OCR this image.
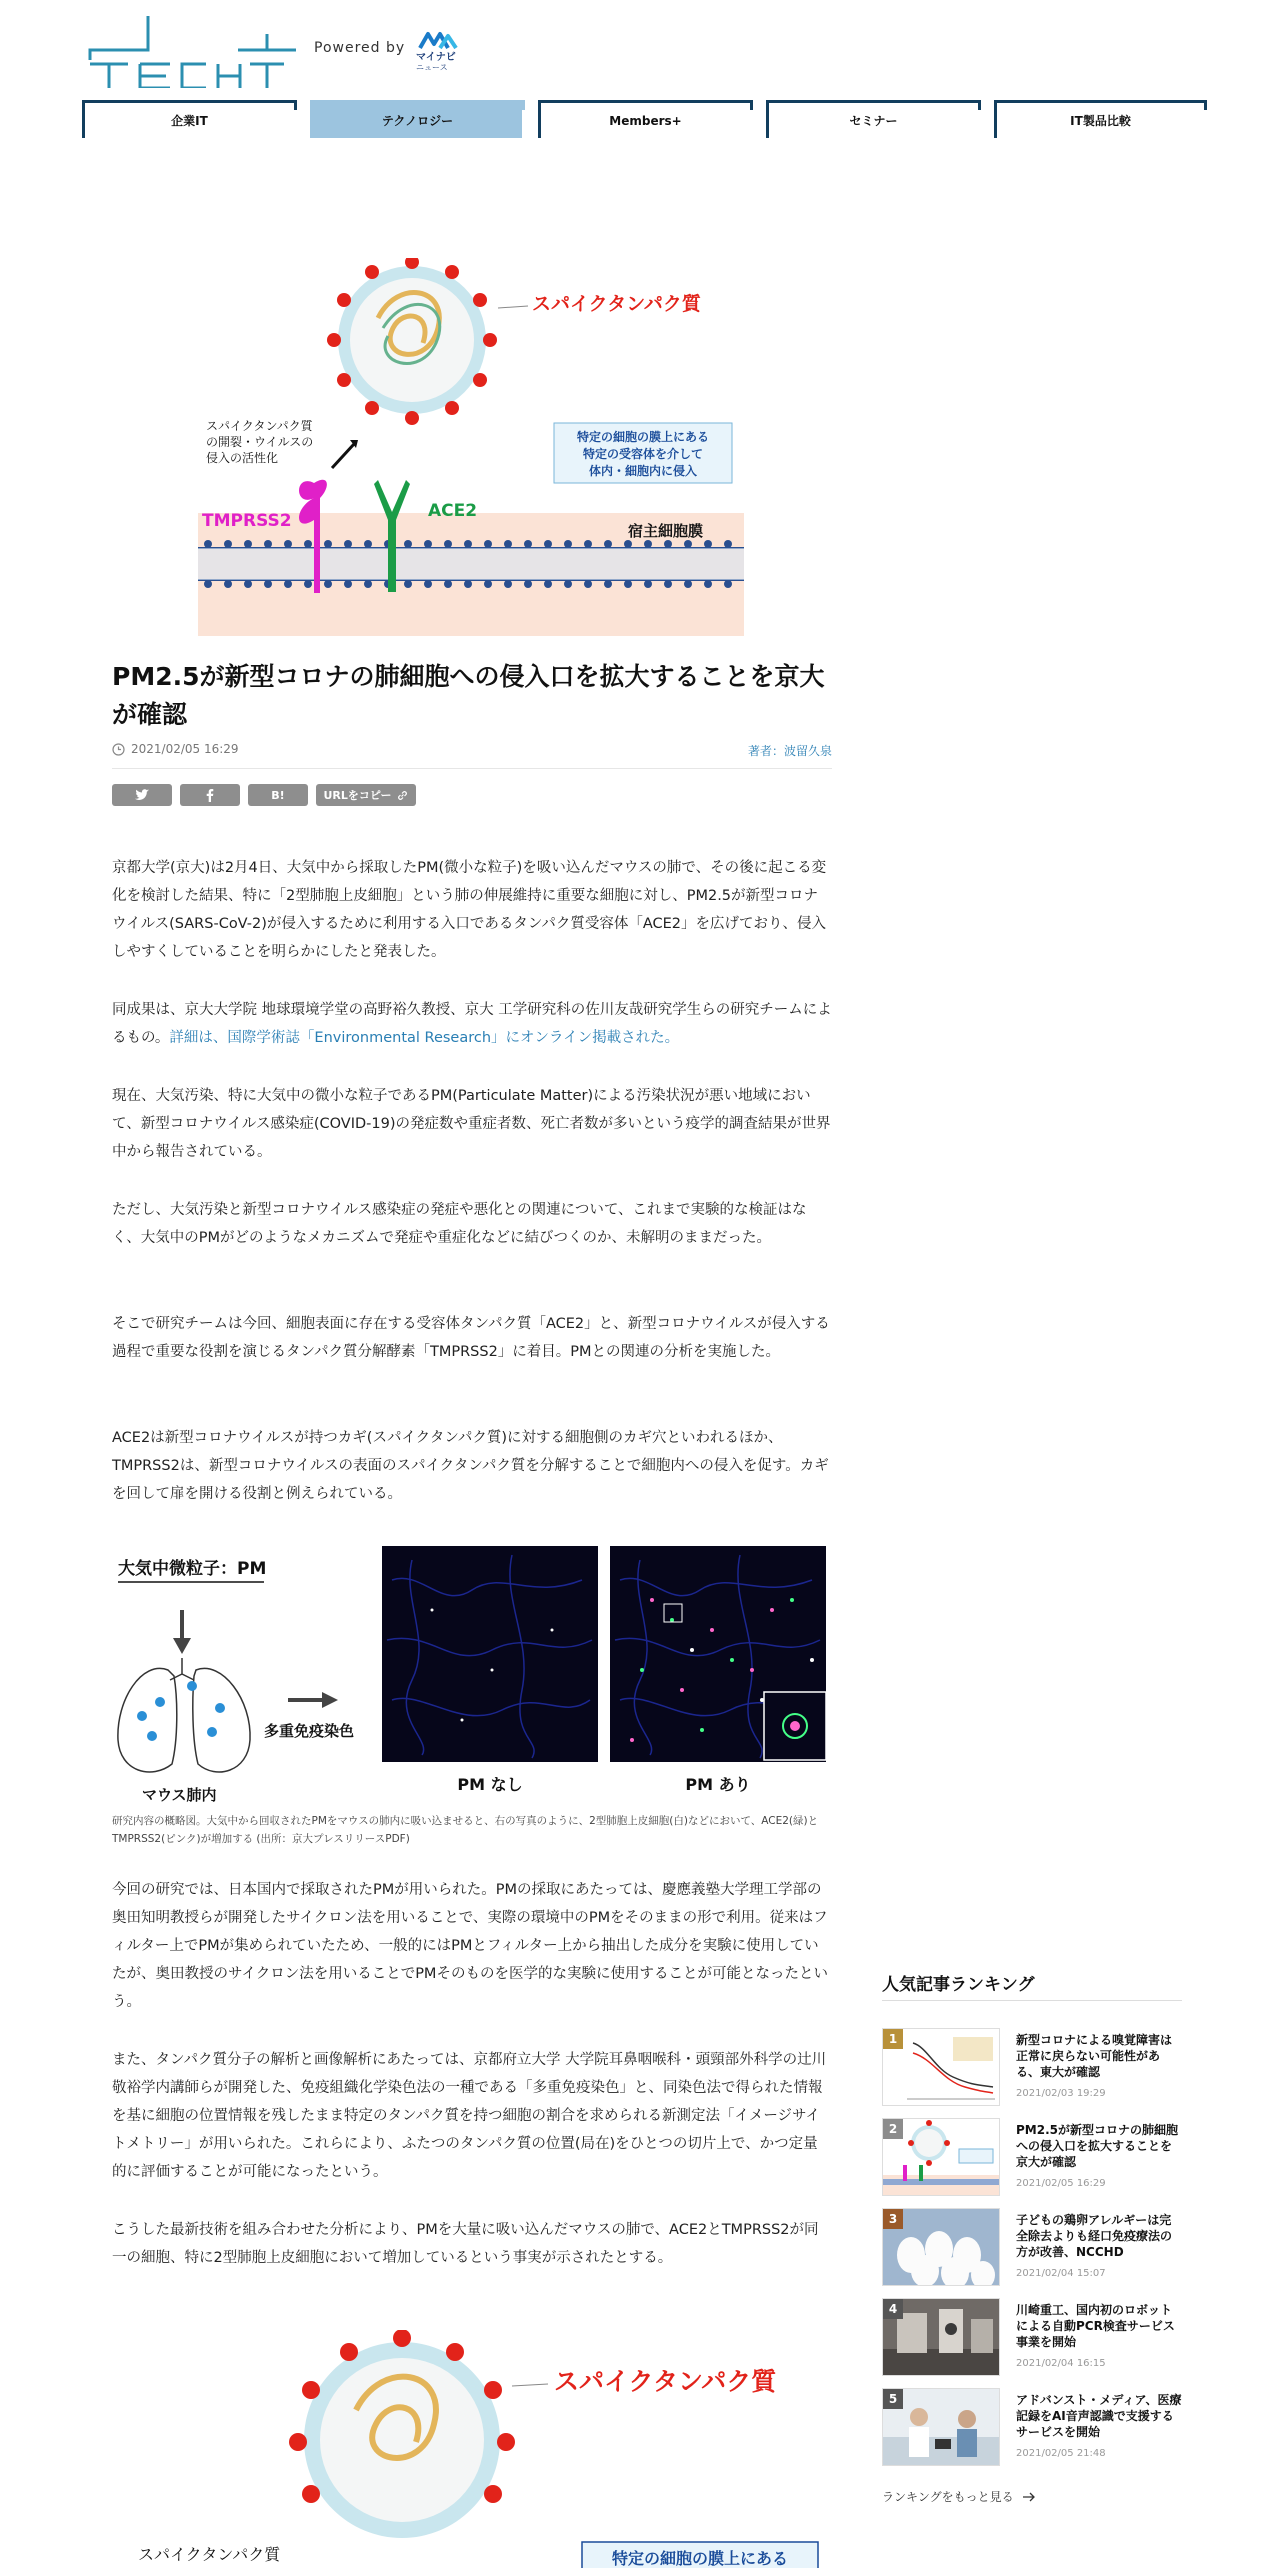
Powered by
マイナビ
ニュース
企業IT	テクノロジー	Members+	セミナー	IT製品比較
スパイクタンパク質
スパイクタンパク質
の開裂・ウイルスの
侵入の活性化
特定の細胞の膜上にある
特定の受容体を介して
体内・細胞内に侵入
TMPRSS2	ACE2
宿主細胞膜
PM2.5が新型コロナの肺細胞への侵入口を拡大することを京大が確認
2021/02/05 16:29	著者：波留久泉
B!	URLをコピー

京都大学(京大)は2月4日、大気中から採取したPM(微小な粒子)を吸い込んだマウスの肺で、その後に起こる変化を検討した結果、特に「2型肺胞上皮細胞」という肺の伸展維持に重要な細胞に対し、PM2.5が新型コロナウイルス(SARS-CoV-2)が侵入するために利用する入口であるタンパク質受容体「ACE2」を広げており、侵入しやすくしていることを明らかにしたと発表した。

同成果は、京大大学院 地球環境学堂の高野裕久教授、京大 工学研究科の佐川友哉研究学生らの研究チームによるもの。詳細は、国際学術誌「Environmental Research」にオンライン掲載された。

現在、大気汚染、特に大気中の微小な粒子であるPM(Particulate Matter)による汚染状況が悪い地域において、新型コロナウイルス感染症(COVID-19)の発症数や重症者数、死亡者数が多いという疫学的調査結果が世界中から報告されている。

ただし、大気汚染と新型コロナウイルス感染症の発症や悪化との関連について、これまで実験的な検証はなく、大気中のPMがどのようなメカニズムで発症や重症化などに結びつくのか、未解明のままだった。

そこで研究チームは今回、細胞表面に存在する受容体タンパク質「ACE2」と、新型コロナウイルスが侵入する過程で重要な役割を演じるタンパク質分解酵素「TMPRSS2」に着目。PMとの関連の分析を実施した。

ACE2は新型コロナウイルスが持つカギ(スパイクタンパク質)に対する細胞側のカギ穴といわれるほか、TMPRSS2は、新型コロナウイルスの表面のスパイクタンパク質を分解することで細胞内への侵入を促す。カギを回して扉を開ける役割と例えられている。

大気中微粒子：PM
マウス肺内
多重免疫染色
PM なし	PM あり

研究内容の概略図。大気中から回収されたPMをマウスの肺内に吸い込ませると、右の写真のように、2型肺胞上皮細胞(白)などにおいて、ACE2(緑)とTMPRSS2(ピンク)が増加する (出所：京大プレスリリースPDF)

今回の研究では、日本国内で採取されたPMが用いられた。PMの採取にあたっては、慶應義塾大学理工学部の奥田知明教授らが開発したサイクロン法を用いることで、実際の環境中のPMをそのままの形で利用。従来はフィルター上でPMが集められていたため、一般的にはPMとフィルター上から抽出した成分を実験に使用していたが、奥田教授のサイクロン法を用いることでPMそのものを医学的な実験に使用することが可能となったという。

また、タンパク質分子の解析と画像解析にあたっては、京都府立大学 大学院耳鼻咽喉科・頭頸部外科学の辻川敬裕学内講師らが開発した、免疫組織化学染色法の一種である「多重免疫染色」と、同染色法で得られた情報を基に細胞の位置情報を残したまま特定のタンパク質を持つ細胞の割合を求められる新測定法「イメージサイトメトリー」が用いられた。これらにより、ふたつのタンパク質の位置(局在)をひとつの切片上で、かつ定量的に評価することが可能になったという。

こうした最新技術を組み合わせた分析により、PMを大量に吸い込んだマウスの肺で、ACE2とTMPRSS2が同一の細胞、特に2型肺胞上皮細胞において増加しているという事実が示されたとする。

スパイクタンパク質
スパイクタンパク質	特定の細胞の膜上にある
人気記事ランキング
1	新型コロナによる嗅覚障害は正常に戻らない可能性がある、東大が確認
2021/02/03 19:29
2	PM2.5が新型コロナの肺細胞への侵入口を拡大することを京大が確認
2021/02/05 16:29
3	子どもの鶏卵アレルギーは完全除去よりも経口免疫療法の方が改善、NCCHD
2021/02/04 15:07
4	川崎重工、国内初のロボットによる自動PCR検査サービス事業を開始
2021/02/04 16:15
5	アドバンスト・メディア、医療記録をAI音声認識で支援するサービスを開始
2021/02/05 21:48
ランキングをもっと見る
